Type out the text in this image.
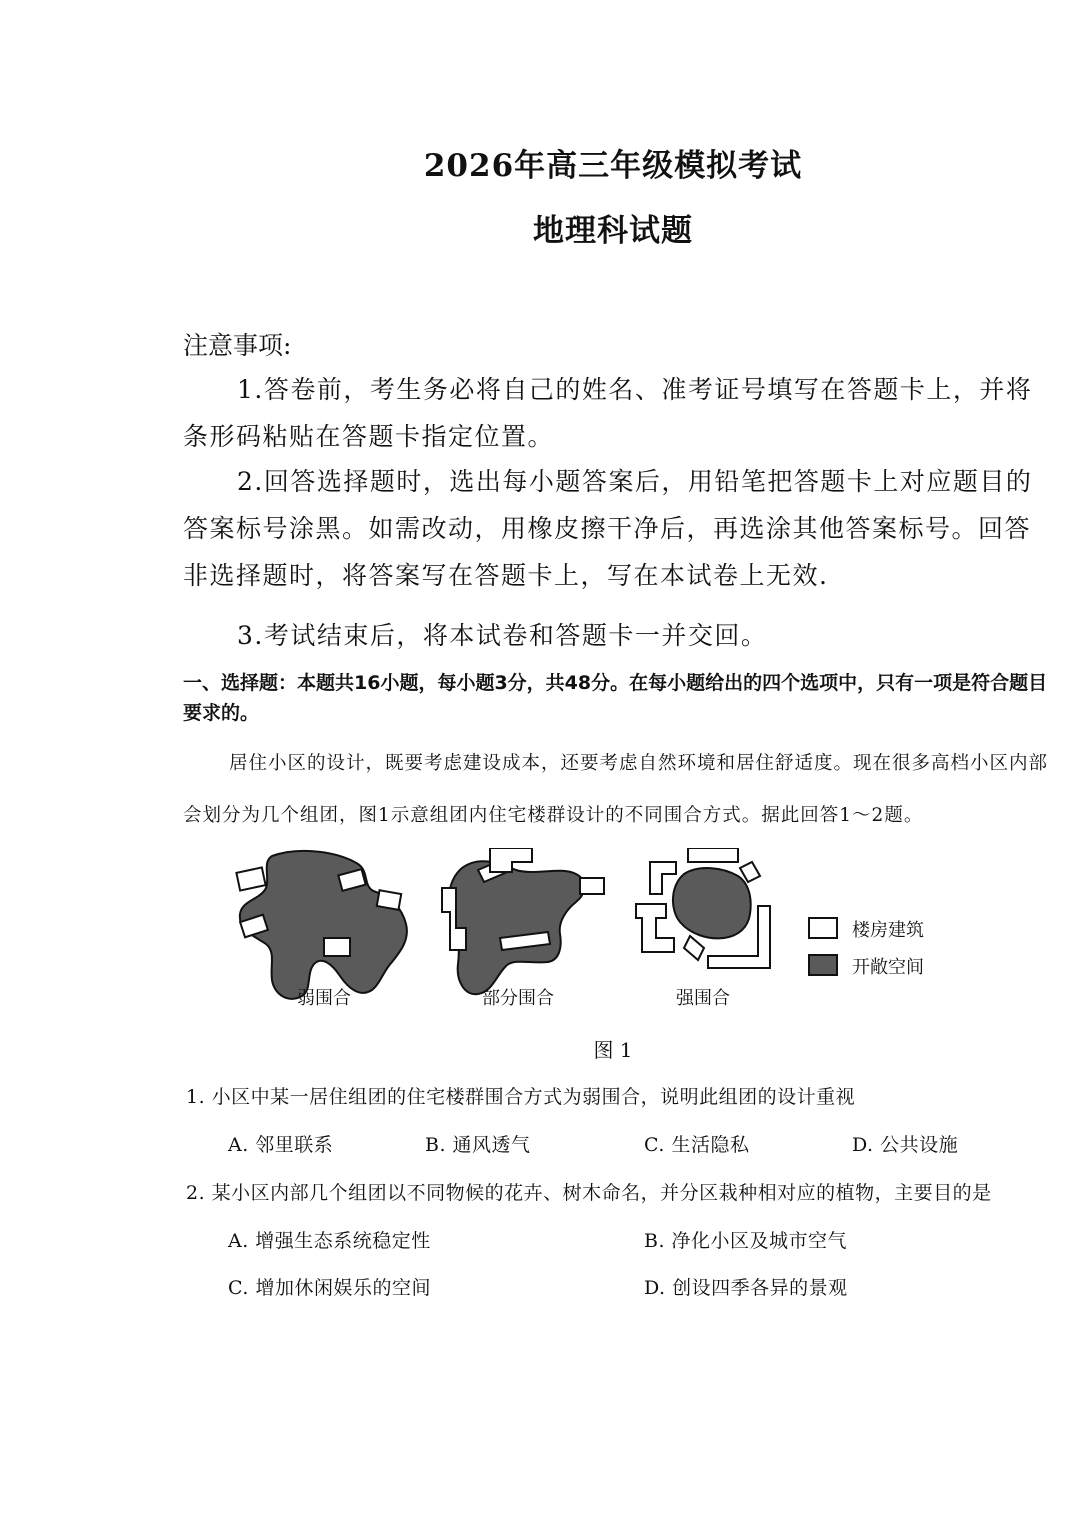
2026年高三年级模拟考试
地理科试题
注意事项:
1.答卷前，考生务必将自己的姓名、准考证号填写在答题卡上，并将条形码粘贴在答题卡指定位置。
2.回答选择题时，选出每小题答案后，用铅笔把答题卡上对应题目的答案标号涂黑。如需改动，用橡皮擦干净后，再选涂其他答案标号。回答非选择题时，将答案写在答题卡上，写在本试卷上无效.
3.考试结束后，将本试卷和答题卡一并交回。
一、选择题：本题共16小题，每小题3分，共48分。在每小题给出的四个选项中，只有一项是符合题目要求的。
居住小区的设计，既要考虑建设成本，还要考虑自然环境和居住舒适度。现在很多高档小区内部会划分为几个组团，图1示意组团内住宅楼群设计的不同围合方式。据此回答1～2题。
弱围合	部分围合	强围合
楼房建筑
开敞空间
图 1
1. 小区中某一居住组团的住宅楼群围合方式为弱围合，说明此组团的设计重视
A. 邻里联系	B. 通风透气	C. 生活隐私	D. 公共设施
2. 某小区内部几个组团以不同物候的花卉、树木命名，并分区栽种相对应的植物，主要目的是
A. 增强生态系统稳定性	B. 净化小区及城市空气
C. 增加休闲娱乐的空间	D. 创设四季各异的景观
